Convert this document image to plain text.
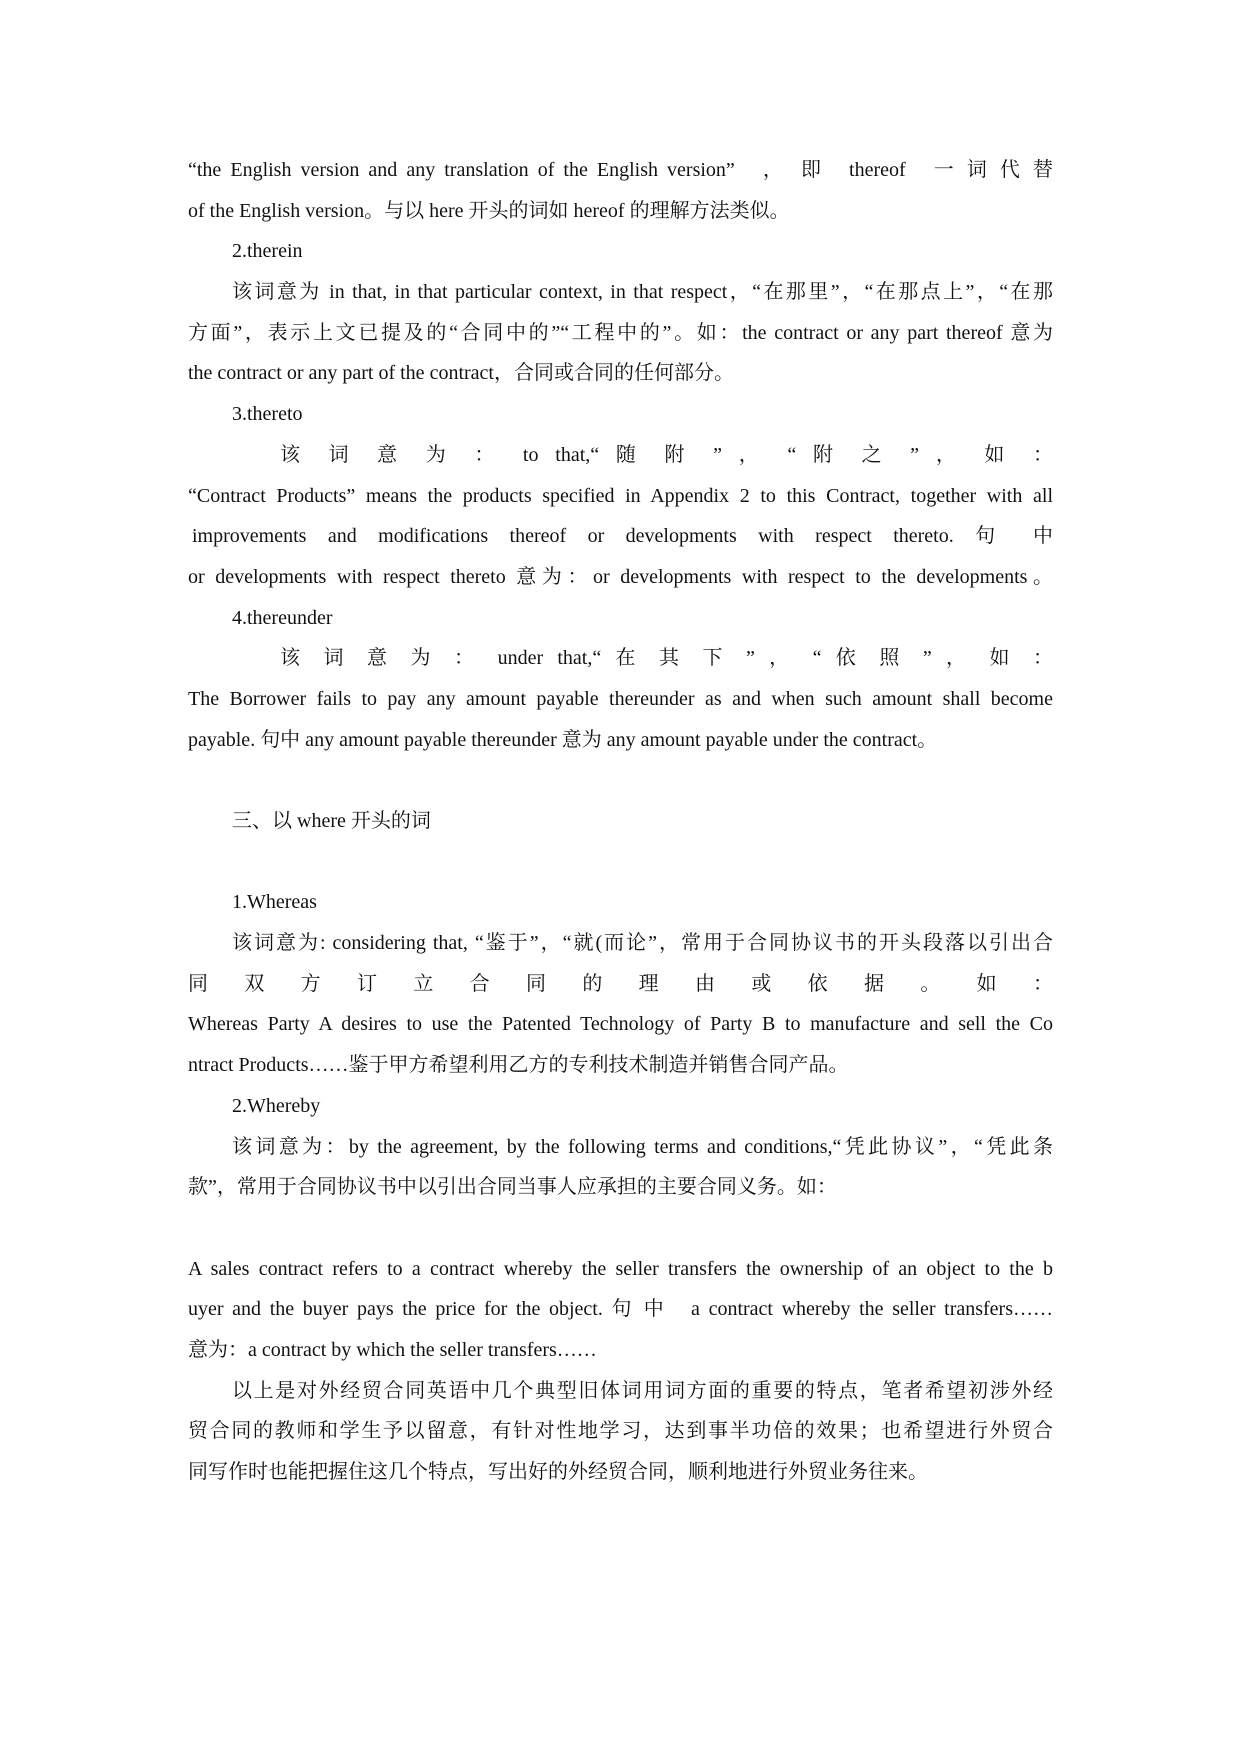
“the English version and any translation of the English version”　，　即　thereof　一 词 代 替
of the English version。与以 here 开头的词如 hereof 的理解方法类似。
2.therein
该词意为 in that, in that particular context, in that respect，“在那里”，“在那点上”，“在那
方面”，表示上文已提及的“合同中的”“工程中的”。如：the contract or any part thereof 意为
the contract or any part of the contract，合同或合同的任何部分。
3.thereto
该 词 意 为 ： to that,“ 随 附 ” ， “ 附 之 ” ， 如 ：
“Contract Products” means the products specified in Appendix 2 to this Contract, together with all
improvements and modifications thereof or developments with respect thereto. 句 中
or developments with respect thereto 意为：or developments with respect to the developments。
4.thereunder
该 词 意 为 ： under that,“ 在 其 下 ” ， “ 依 照 ” ， 如 ：
The Borrower fails to pay any amount payable thereunder as and when such amount shall become
payable. 句中 any amount payable thereunder 意为 any amount payable under the contract。
三、以 where 开头的词
1.Whereas
该词意为: considering that, “鉴于”，“就(而论”，常用于合同协议书的开头段落以引出合
同 双 方 订 立 合 同 的 理 由 或 依 据 。 如 ：
Whereas Party A desires to use the Patented Technology of Party B to manufacture and sell the Co
ntract Products……鉴于甲方希望利用乙方的专利技术制造并销售合同产品。
2.Whereby
该词意为：by the agreement, by the following terms and conditions,“凭此协议”，“凭此条
款”，常用于合同协议书中以引出合同当事人应承担的主要合同义务。如：
A sales contract refers to a contract whereby the seller transfers the ownership of an object to the b
uyer and the buyer pays the price for the object. 句 中　a contract whereby the seller transfers……
意为：a contract by which the seller transfers……
以上是对外经贸合同英语中几个典型旧体词用词方面的重要的特点，笔者希望初涉外经
贸合同的教师和学生予以留意，有针对性地学习，达到事半功倍的效果；也希望进行外贸合
同写作时也能把握住这几个特点，写出好的外经贸合同，顺利地进行外贸业务往来。
